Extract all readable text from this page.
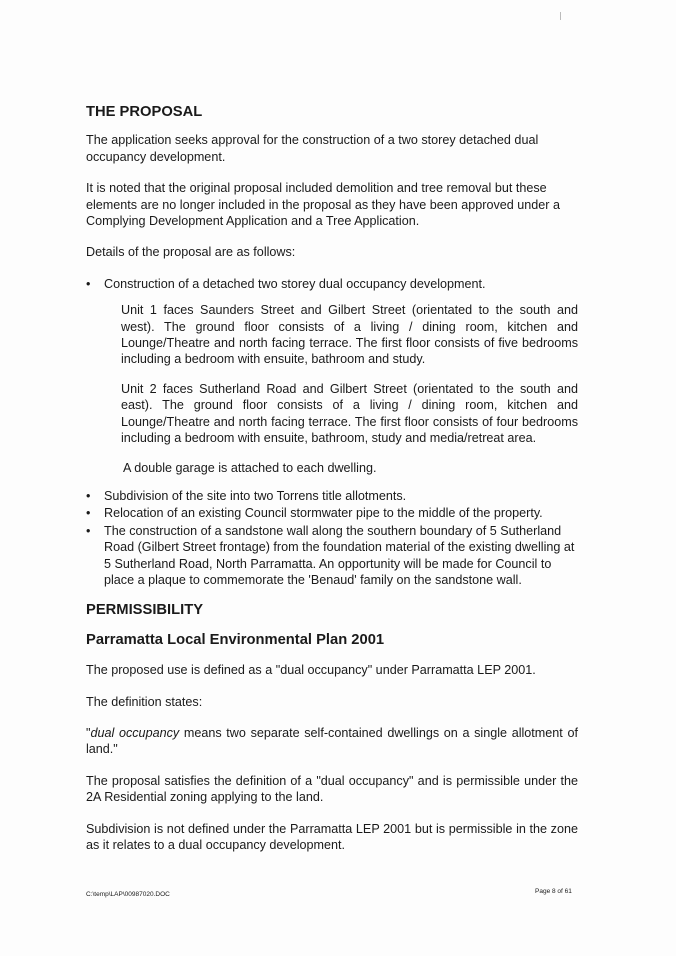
THE PROPOSAL

The application seeks approval for the construction of a two storey detached dual occupancy development.

It is noted that the original proposal included demolition and tree removal but these elements are no longer included in the proposal as they have been approved under a Complying Development Application and a Tree Application.

Details of the proposal are as follows:

• Construction of a detached two storey dual occupancy development.
Unit 1 faces Saunders Street and Gilbert Street (orientated to the south and west). The ground floor consists of a living / dining room, kitchen and Lounge/Theatre and north facing terrace. The first floor consists of five bedrooms including a bedroom with ensuite, bathroom and study.
Unit 2 faces Sutherland Road and Gilbert Street (orientated to the south and east). The ground floor consists of a living / dining room, kitchen and Lounge/Theatre and north facing terrace. The first floor consists of four bedrooms including a bedroom with ensuite, bathroom, study and media/retreat area.
A double garage is attached to each dwelling.
• Subdivision of the site into two Torrens title allotments.
• Relocation of an existing Council stormwater pipe to the middle of the property.
• The construction of a sandstone wall along the southern boundary of 5 Sutherland Road (Gilbert Street frontage) from the foundation material of the existing dwelling at 5 Sutherland Road, North Parramatta. An opportunity will be made for Council to place a plaque to commemorate the 'Benaud' family on the sandstone wall.
PERMISSIBILITY
Parramatta Local Environmental Plan 2001

The proposed use is defined as a "dual occupancy" under Parramatta LEP 2001.

The definition states:

"dual occupancy means two separate self-contained dwellings on a single allotment of land."

The proposal satisfies the definition of a "dual occupancy" and is permissible under the 2A Residential zoning applying to the land.

Subdivision is not defined under the Parramatta LEP 2001 but is permissible in the zone as it relates to a dual occupancy development.

C:\temp\LAP\00987020.DOC	Page 8 of 61
